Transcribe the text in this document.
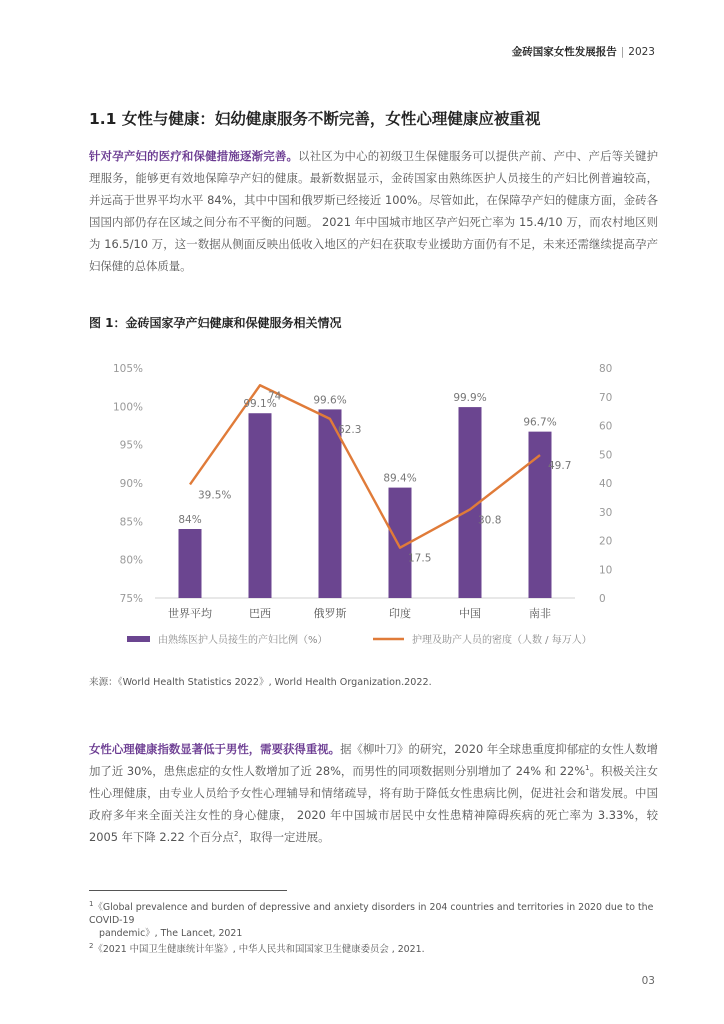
金砖国家女性发展报告 | 2023
1.1 女性与健康：妇幼健康服务不断完善，女性心理健康应被重视

针对孕产妇的医疗和保健措施逐渐完善。以社区为中心的初级卫生保健服务可以提供产前、产中、产后等关键护理服务，能够更有效地保障孕产妇的健康。最新数据显示，金砖国家由熟练医护人员接生的产妇比例普遍较高，并远高于世界平均水平 84%，其中中国和俄罗斯已经接近 100%。尽管如此，在保障孕产妇的健康方面，金砖各国国内部仍存在区域之间分布不平衡的问题。 2021 年中国城市地区孕产妇死亡率为 15.4/10 万，而农村地区则为 16.5/10 万，这一数据从侧面反映出低收入地区的产妇在获取专业援助方面仍有不足，未来还需继续提高孕产妇保健的总体质量。

图 1：金砖国家孕产妇健康和保健服务相关情况
105%
100%
95%
90%
85%
80%
75%
80
70
60
50
40
30
20
10
0
84%
99.1%	99.6%
89.4%
99.9%
96.7%
39.5%
74
62.3
17.5
30.8
49.7
世界平均	巴西	俄罗斯	印度	中国	南非
由熟练医护人员接生的产妇比例（%）	护理及助产人员的密度（人数 / 每万人）
来源：《World Health Statistics 2022》, World Health Organization.2022.

女性心理健康指数显著低于男性，需要获得重视。据《柳叶刀》的研究，2020 年全球患重度抑郁症的女性人数增加了近 30%，患焦虑症的女性人数增加了近 28%，而男性的同项数据则分别增加了 24% 和 22%$^1$。积极关注女性心理健康，由专业人员给予女性心理辅导和情绪疏导，将有助于降低女性患病比例，促进社会和谐发展。中国政府多年来全面关注女性的身心健康， 2020 年中国城市居民中女性患精神障碍疾病的死亡率为 3.33%，较 2005 年下降 2.22 个百分点$^2$，取得一定进展。

$^1$《Global prevalence and burden of depressive and anxiety disorders in 204 countries and territories in 2020 due to the COVID-19
pandemic》, The Lancet, 2021
$^2$《2021 中国卫生健康统计年鉴》, 中华人民共和国国家卫生健康委员会 , 2021.
03
